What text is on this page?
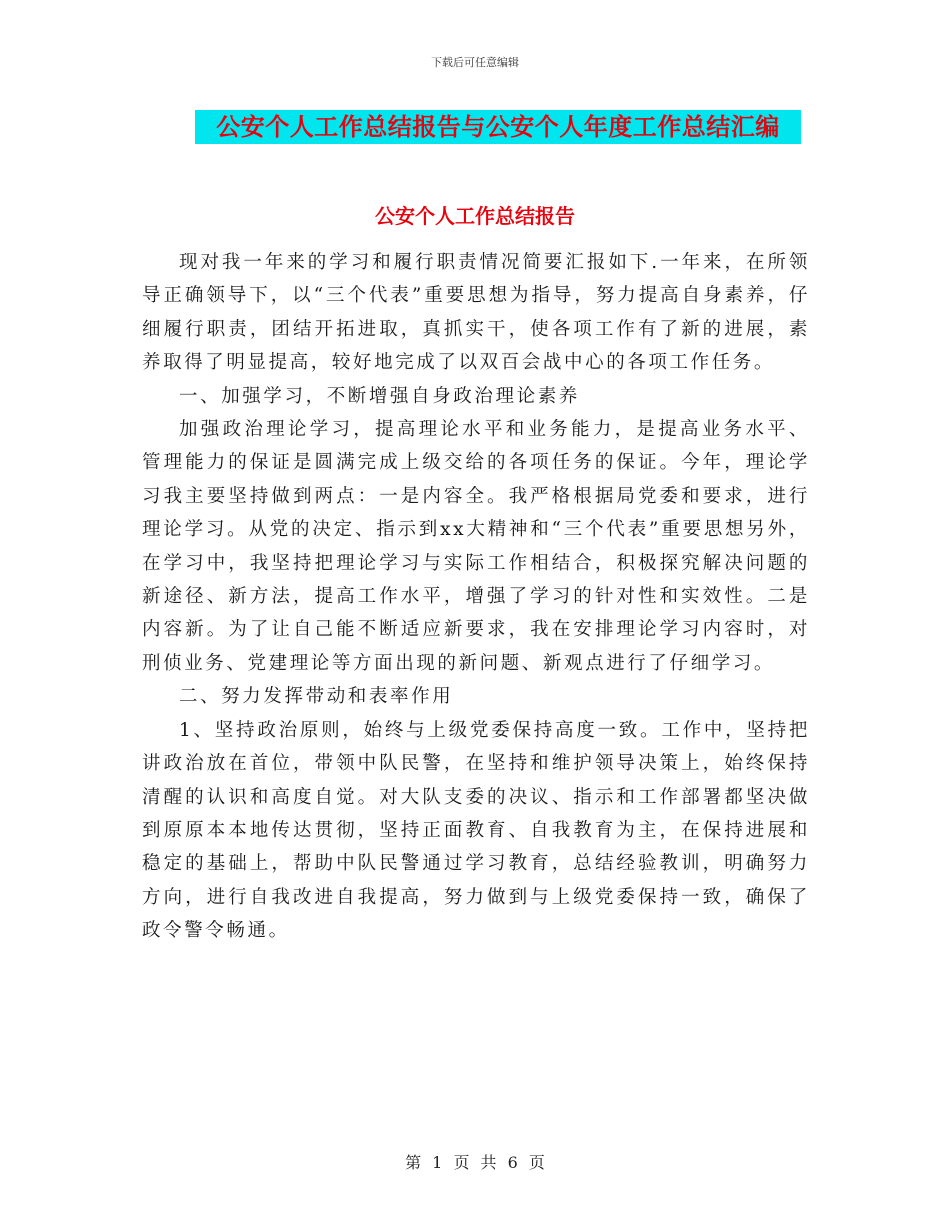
下载后可任意编辑
公安个人工作总结报告与公安个人年度工作总结汇编
公安个人工作总结报告

现对我一年来的学习和履行职责情况简要汇报如下.一年来，在所领导正确领导下，以“三个代表”重要思想为指导，努力提高自身素养，仔细履行职责，团结开拓进取，真抓实干，使各项工作有了新的进展，素养取得了明显提高，较好地完成了以双百会战中心的各项工作任务。

一、加强学习，不断增强自身政治理论素养

加强政治理论学习，提高理论水平和业务能力，是提高业务水平、管理能力的保证是圆满完成上级交给的各项任务的保证。今年，理论学习我主要坚持做到两点：一是内容全。我严格根据局党委和要求，进行理论学习。从党的决定、指示到xx大精神和“三个代表”重要思想另外，在学习中，我坚持把理论学习与实际工作相结合，积极探究解决问题的新途径、新方法，提高工作水平，增强了学习的针对性和实效性。二是内容新。为了让自己能不断适应新要求，我在安排理论学习内容时，对刑侦业务、党建理论等方面出现的新问题、新观点进行了仔细学习。

二、努力发挥带动和表率作用

1、坚持政治原则，始终与上级党委保持高度一致。工作中，坚持把讲政治放在首位，带领中队民警，在坚持和维护领导决策上，始终保持清醒的认识和高度自觉。对大队支委的决议、指示和工作部署都坚决做到原原本本地传达贯彻，坚持正面教育、自我教育为主，在保持进展和稳定的基础上，帮助中队民警通过学习教育，总结经验教训，明确努力方向，进行自我改进自我提高，努力做到与上级党委保持一致，确保了政令警令畅通。

第 1 页 共 6 页
